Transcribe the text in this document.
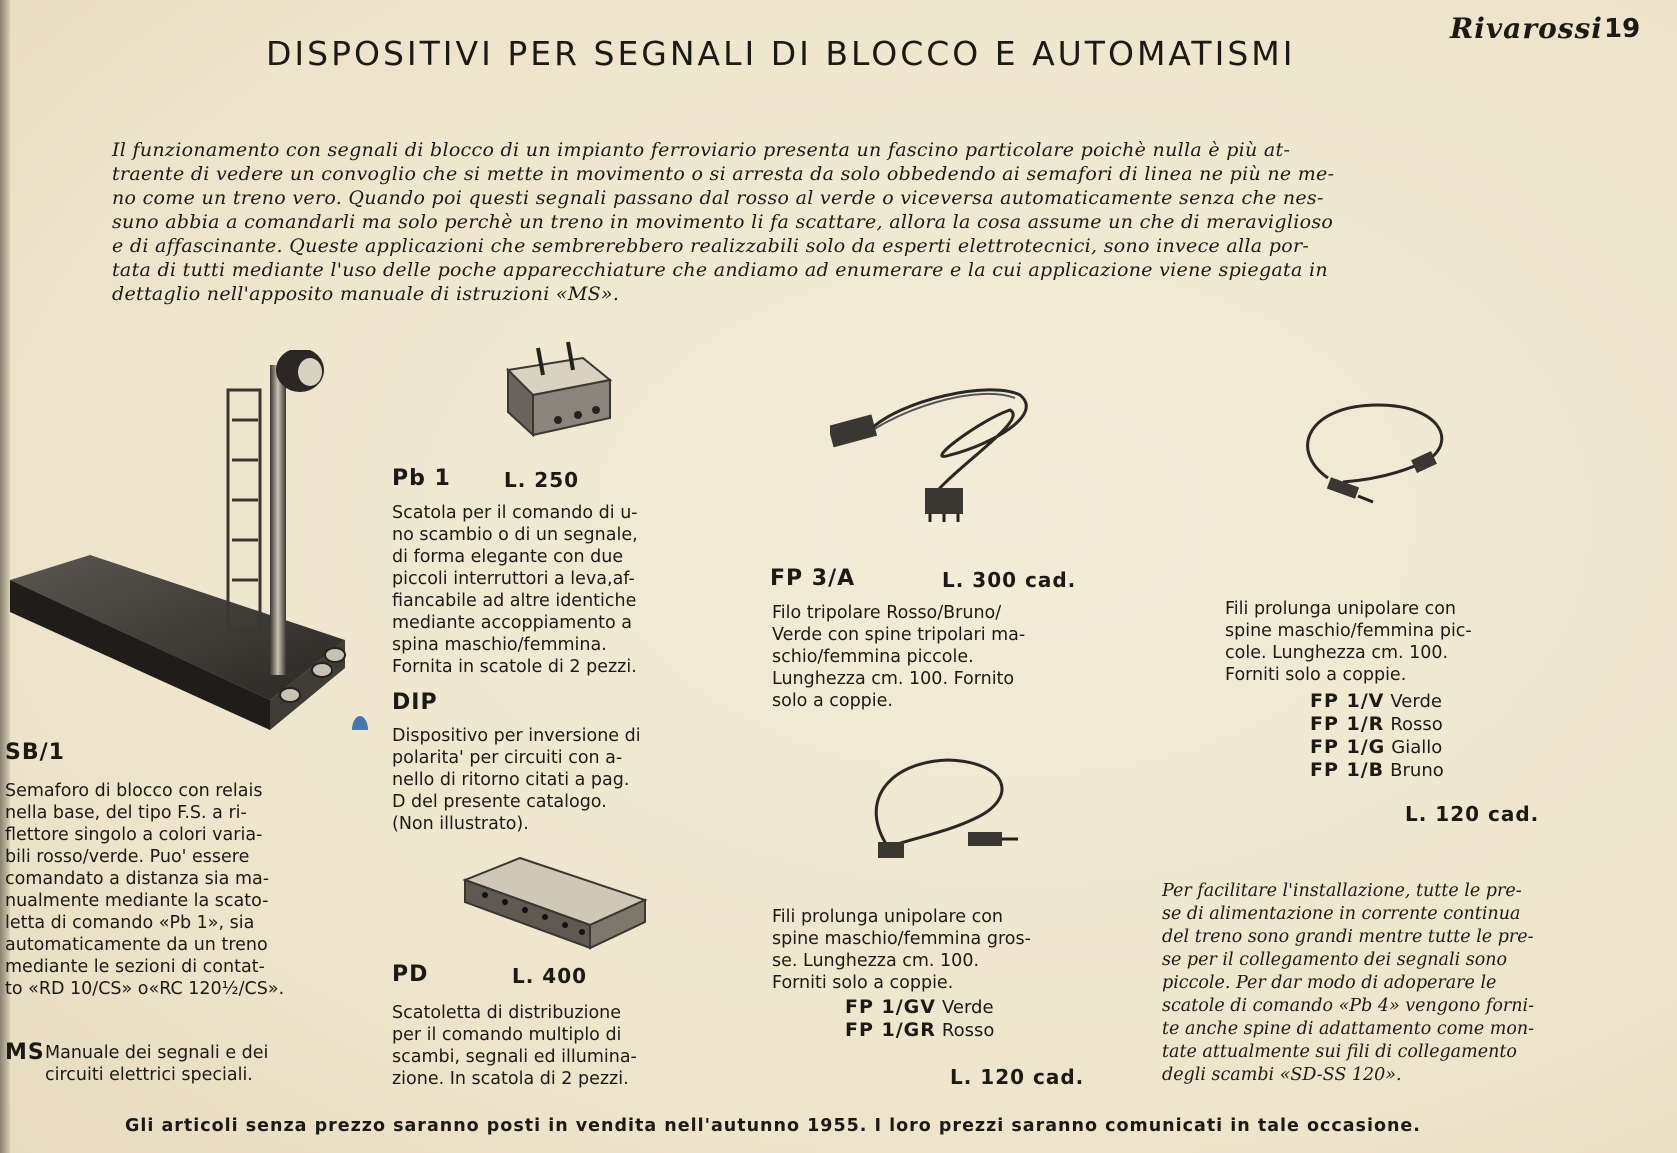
Rivarossi 19
DISPOSITIVI PER SEGNALI DI BLOCCO E AUTOMATISMI
Il funzionamento con segnali di blocco di un impianto ferroviario presenta un fascino particolare poichè nulla è più at-
traente di vedere un convoglio che si mette in movimento o si arresta da solo obbedendo ai semafori di linea ne più ne me-
no come un treno vero. Quando poi questi segnali passano dal rosso al verde o viceversa automaticamente senza che nes-
suno abbia a comandarli ma solo perchè un treno in movimento li fa scattare, allora la cosa assume un che di meraviglioso
e di affascinante. Queste applicazioni che sembrerebbero realizzabili solo da esperti elettrotecnici, sono invece alla por-
tata di tutti mediante l'uso delle poche apparecchiature che andiamo ad enumerare e la cui applicazione viene spiegata in
dettaglio nell'apposito manuale di istruzioni «MS».
SB/1
Semaforo di blocco con relais
nella base, del tipo F.S. a ri-
flettore singolo a colori varia-
bili rosso/verde. Puo' essere
comandato a distanza sia ma-
nualmente mediante la scato-
letta di comando «Pb 1», sia
automaticamente da un treno
mediante le sezioni di contat-
to «RD 10/CS» o«RC 120½/CS».
MS Manuale dei segnali e dei
circuiti elettrici speciali.
Pb 1	L. 250
Scatola per il comando di u-
no scambio o di un segnale,
di forma elegante con due
piccoli interruttori a leva,af-
fiancabile ad altre identiche
mediante accoppiamento a
spina maschio/femmina.
Fornita in scatole di 2 pezzi.
DIP
Dispositivo per inversione di
polarita' per circuiti con a-
nello di ritorno citati a pag.
D del presente catalogo.
(Non illustrato).
PD	L. 400
Scatoletta di distribuzione
per il comando multiplo di
scambi, segnali ed illumina-
zione. In scatola di 2 pezzi.
FP 3/A	L. 300 cad.
Filo tripolare Rosso/Bruno/
Verde con spine tripolari ma-
schio/femmina piccole.
Lunghezza cm. 100. Fornito
solo a coppie.
Fili prolunga unipolare con
spine maschio/femmina gros-
se. Lunghezza cm. 100.
Forniti solo a coppie.
FP 1/GV Verde
FP 1/GR Rosso
L. 120 cad.
Fili prolunga unipolare con
spine maschio/femmina pic-
cole. Lunghezza cm. 100.
Forniti solo a coppie.
FP 1/V Verde
FP 1/R Rosso
FP 1/G Giallo
FP 1/B Bruno
L. 120 cad.
Per facilitare l'installazione, tutte le pre-
se di alimentazione in corrente continua
del treno sono grandi mentre tutte le pre-
se per il collegamento dei segnali sono
piccole. Per dar modo di adoperare le
scatole di comando «Pb 4» vengono forni-
te anche spine di adattamento come mon-
tate attualmente sui fili di collegamento
degli scambi «SD-SS 120».
Gli articoli senza prezzo saranno posti in vendita nell'autunno 1955. I loro prezzi saranno comunicati in tale occasione.
